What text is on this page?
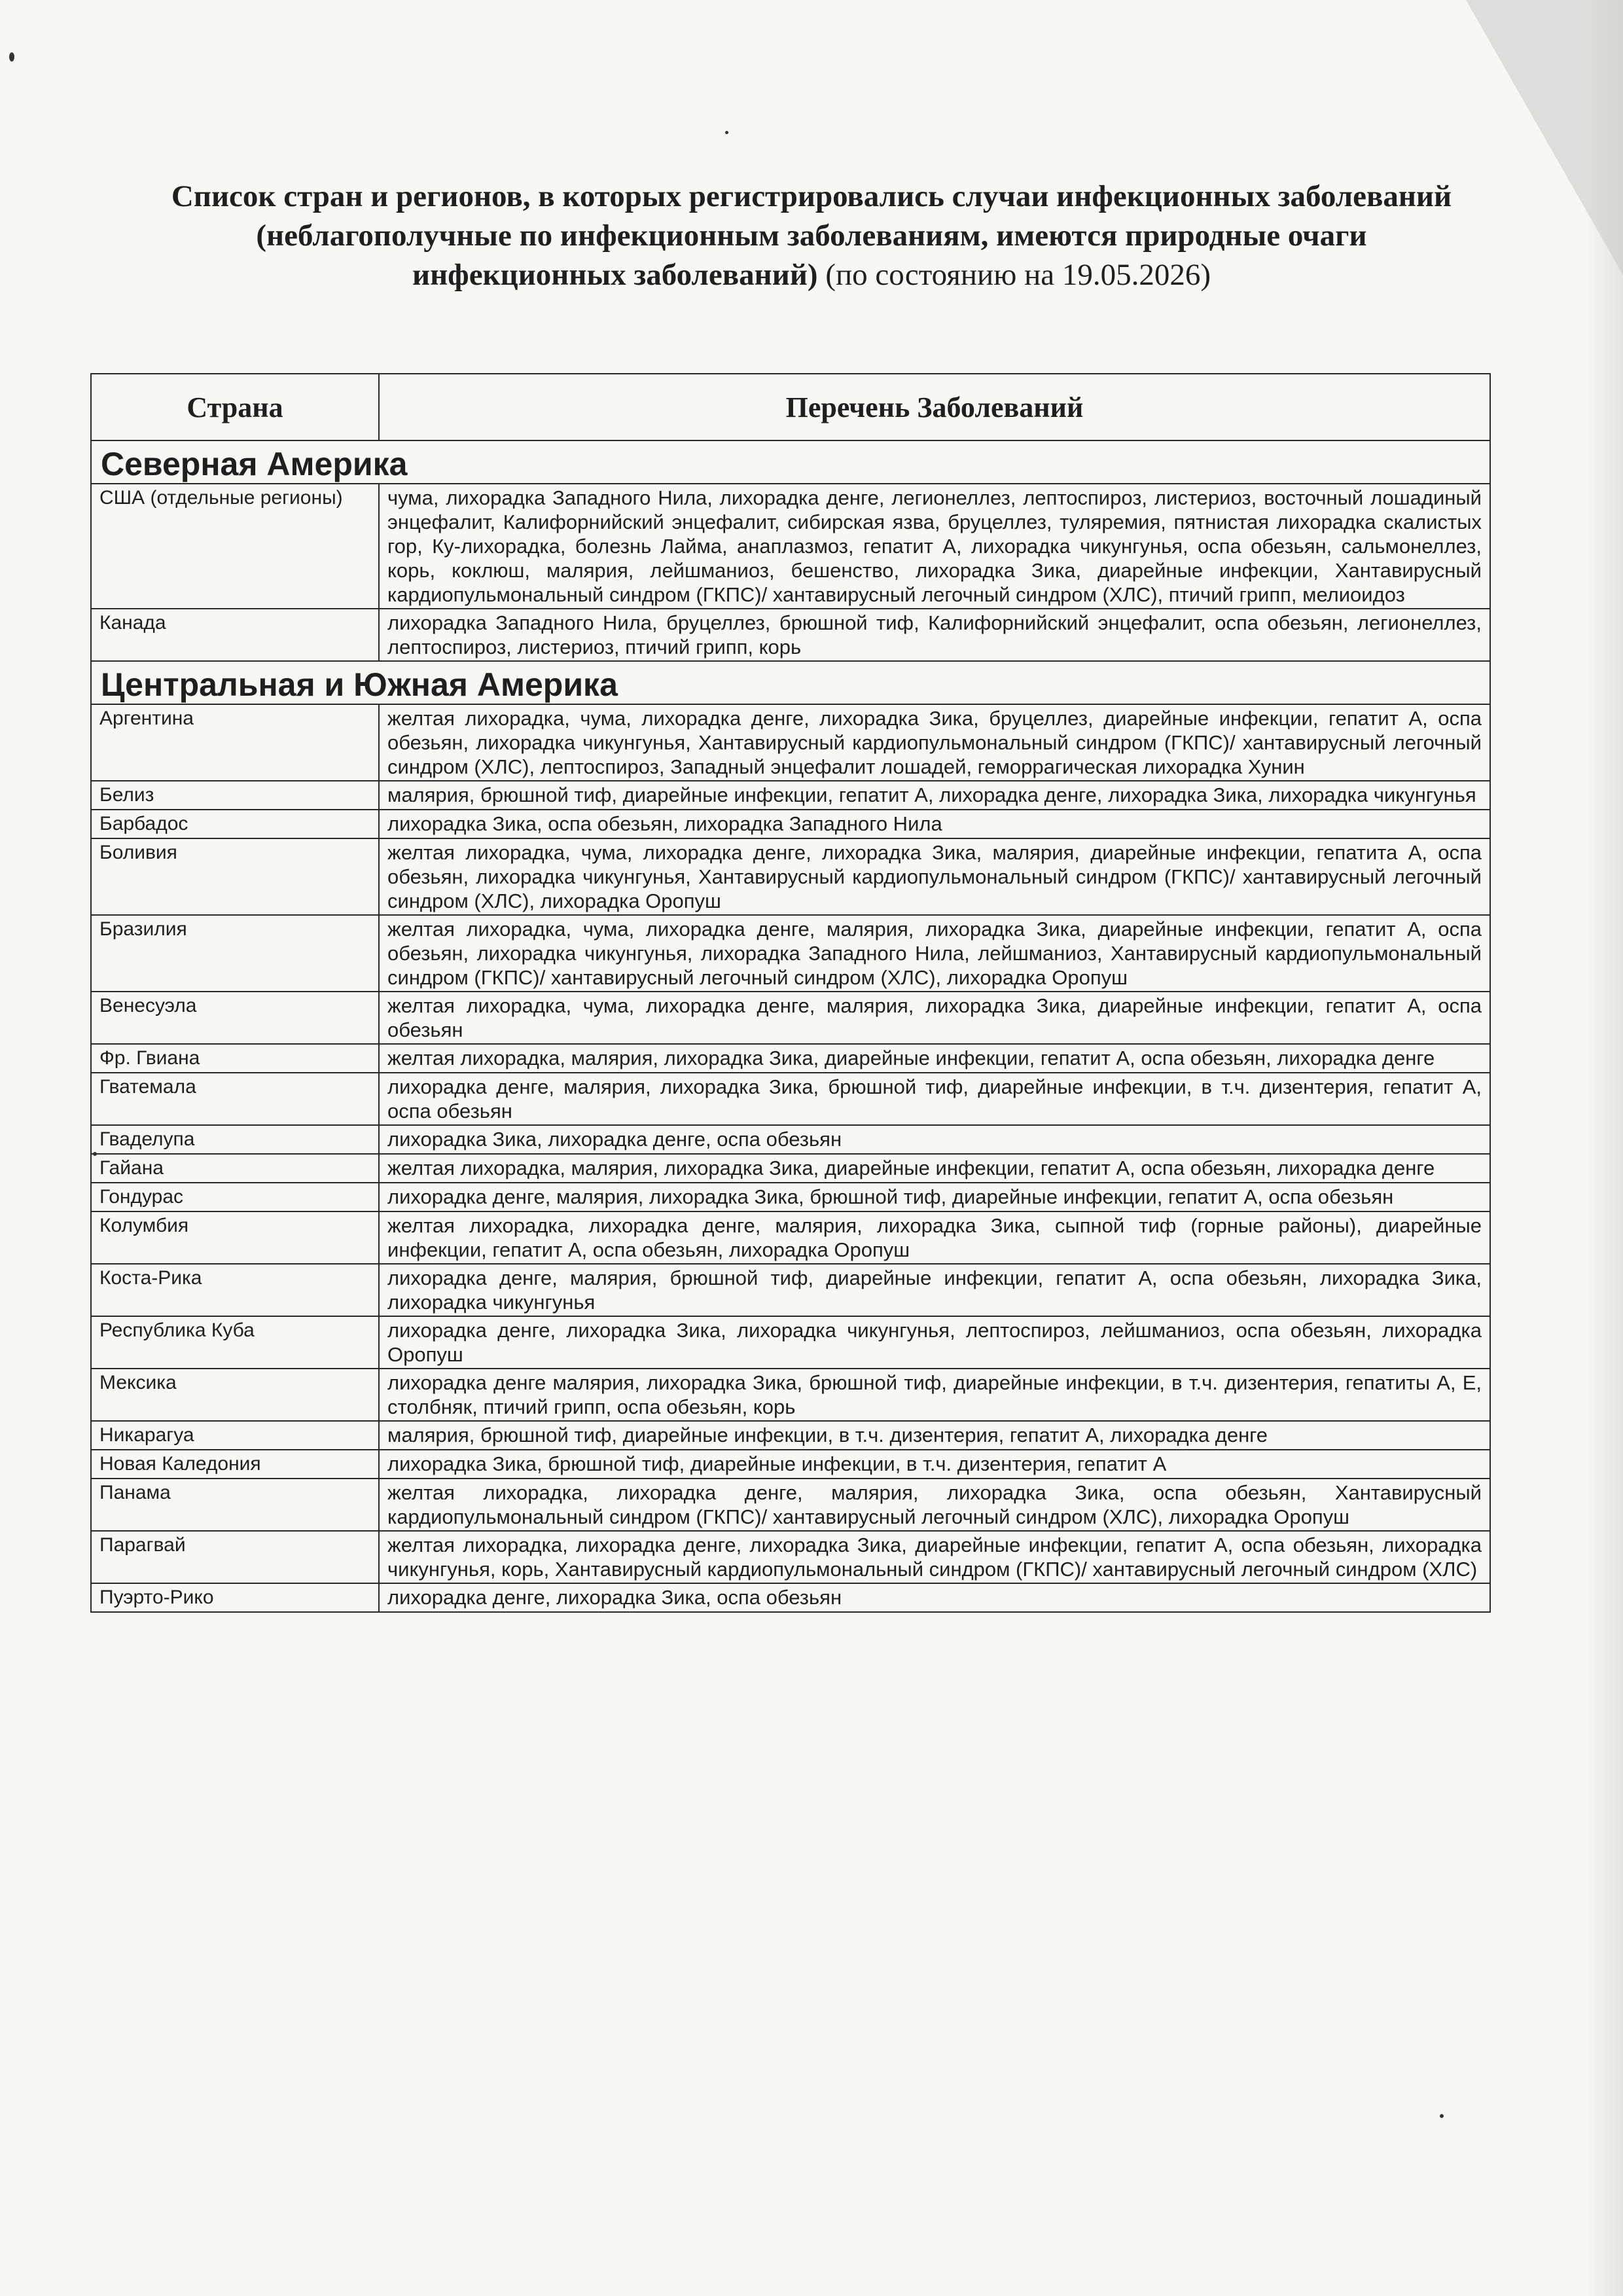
Список стран и регионов, в которых регистрировались случаи инфекционных заболеваний (неблагополучные по инфекционным заболеваниям, имеются природные очаги инфекционных заболеваний) (по состоянию на 19.05.2026)
Страна	Перечень Заболеваний
Северная Америка	
США (отдельные регионы)	чума, лихорадка Западного Нила, лихорадка денге, легионеллез, лептоспироз, листериоз, восточный лошадиный энцефалит, Калифорнийский энцефалит, сибирская язва, бруцеллез, туляремия, пятнистая лихорадка скалистых гор, Ку-лихорадка, болезнь Лайма, анаплазмоз, гепатит А, лихорадка чикунгунья, оспа обезьян, сальмонеллез, корь, коклюш, малярия, лейшманиоз, бешенство, лихорадка Зика, диарейные инфекции, Хантавирусный кардиопульмональный синдром (ГКПС)/ хантавирусный легочный синдром (ХЛС), птичий грипп, мелиоидоз
Канада	лихорадка Западного Нила, бруцеллез, брюшной тиф, Калифорнийский энцефалит, оспа обезьян, легионеллез, лептоспироз, листериоз, птичий грипп, корь
Центральная и Южная Америка	
Аргентина	желтая лихорадка, чума, лихорадка денге, лихорадка Зика, бруцеллез, диарейные инфекции, гепатит А, оспа обезьян, лихорадка чикунгунья, Хантавирусный кардиопульмональный синдром (ГКПС)/ хантавирусный легочный синдром (ХЛС), лептоспироз, Западный энцефалит лошадей, геморрагическая лихорадка Хунин
Белиз	малярия, брюшной тиф, диарейные инфекции, гепатит А, лихорадка денге, лихорадка Зика, лихорадка чикунгунья
Барбадос	лихорадка Зика, оспа обезьян, лихорадка Западного Нила
Боливия	желтая лихорадка, чума, лихорадка денге, лихорадка Зика, малярия, диарейные инфекции, гепатита А, оспа обезьян, лихорадка чикунгунья, Хантавирусный кардиопульмональный синдром (ГКПС)/ хантавирусный легочный синдром (ХЛС), лихорадка Оропуш
Бразилия	желтая лихорадка, чума, лихорадка денге, малярия, лихорадка Зика, диарейные инфекции, гепатит А, оспа обезьян, лихорадка чикунгунья, лихорадка Западного Нила, лейшманиоз, Хантавирусный кардиопульмональный синдром (ГКПС)/ хантавирусный легочный синдром (ХЛС), лихорадка Оропуш
Венесуэла	желтая лихорадка, чума, лихорадка денге, малярия, лихорадка Зика, диарейные инфекции, гепатит А, оспа обезьян
Фр. Гвиана	желтая лихорадка, малярия, лихорадка Зика, диарейные инфекции, гепатит А, оспа обезьян, лихорадка денге
Гватемала	лихорадка денге, малярия, лихорадка Зика, брюшной тиф, диарейные инфекции, в т.ч. дизентерия, гепатит А, оспа обезьян
Гваделупа	лихорадка Зика, лихорадка денге, оспа обезьян
Гайана	желтая лихорадка, малярия, лихорадка Зика, диарейные инфекции, гепатит А, оспа обезьян, лихорадка денге
Гондурас	лихорадка денге, малярия, лихорадка Зика, брюшной тиф, диарейные инфекции, гепатит А, оспа обезьян
Колумбия	желтая лихорадка, лихорадка денге, малярия, лихорадка Зика, сыпной тиф (горные районы), диарейные инфекции, гепатит А, оспа обезьян, лихорадка Оропуш
Коста-Рика	лихорадка денге, малярия, брюшной тиф, диарейные инфекции, гепатит А, оспа обезьян, лихорадка Зика, лихорадка чикунгунья
Республика Куба	лихорадка денге, лихорадка Зика, лихорадка чикунгунья, лептоспироз, лейшманиоз, оспа обезьян, лихорадка Оропуш
Мексика	лихорадка денге малярия, лихорадка Зика, брюшной тиф, диарейные инфекции, в т.ч. дизентерия, гепатиты А, Е, столбняк, птичий грипп, оспа обезьян, корь
Никарагуа	малярия, брюшной тиф, диарейные инфекции, в т.ч. дизентерия, гепатит А, лихорадка денге
Новая Каледония	лихорадка Зика, брюшной тиф, диарейные инфекции, в т.ч. дизентерия, гепатит А
Панама	желтая лихорадка, лихорадка денге, малярия, лихорадка Зика, оспа обезьян, Хантавирусный кардиопульмональный синдром (ГКПС)/ хантавирусный легочный синдром (ХЛС), лихорадка Оропуш
Парагвай	желтая лихорадка, лихорадка денге, лихорадка Зика, диарейные инфекции, гепатит А, оспа обезьян, лихорадка чикунгунья, корь, Хантавирусный кардиопульмональный синдром (ГКПС)/ хантавирусный легочный синдром (ХЛС)
Пуэрто-Рико	лихорадка денге, лихорадка Зика, оспа обезьян
